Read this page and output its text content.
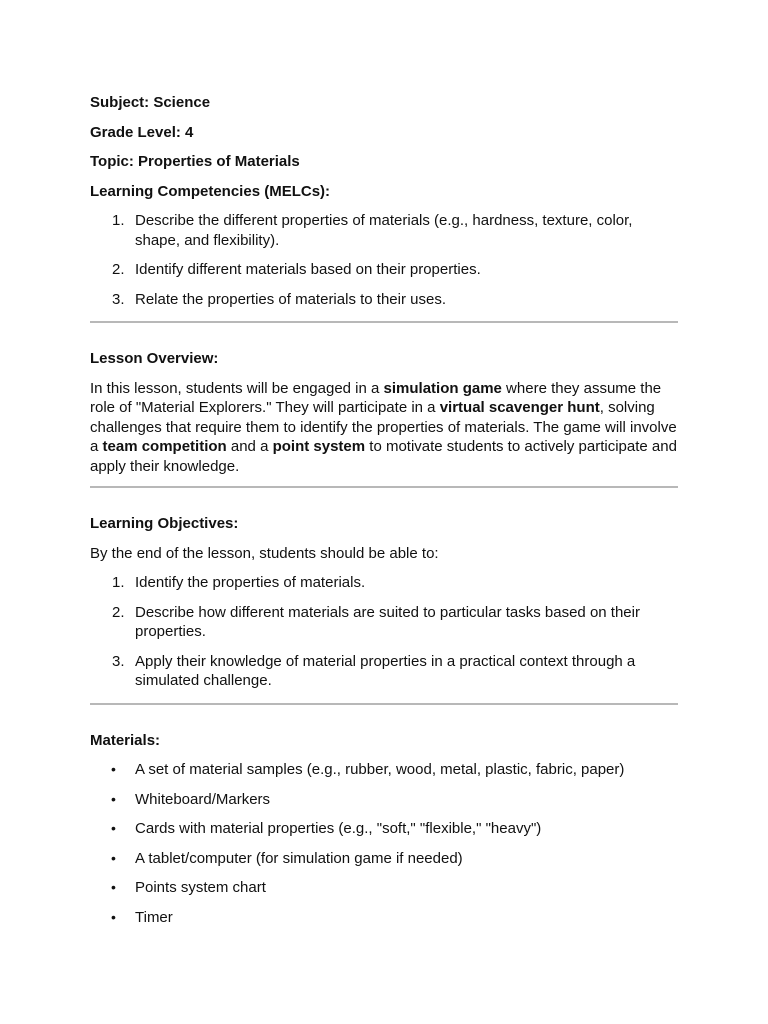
Subject: Science
Grade Level: 4
Topic: Properties of Materials
Learning Competencies (MELCs):
1. Describe the different properties of materials (e.g., hardness, texture, color, shape, and flexibility).
2. Identify different materials based on their properties.
3. Relate the properties of materials to their uses.
Lesson Overview:

In this lesson, students will be engaged in a simulation game where they assume the role of "Material Explorers." They will participate in a virtual scavenger hunt, solving challenges that require them to identify the properties of materials. The game will involve a team competition and a point system to motivate students to actively participate and apply their knowledge.

Learning Objectives:

By the end of the lesson, students should be able to:

1. Identify the properties of materials.
2. Describe how different materials are suited to particular tasks based on their properties.
3. Apply their knowledge of material properties in a practical context through a simulated challenge.
Materials:
• A set of material samples (e.g., rubber, wood, metal, plastic, fabric, paper)
• Whiteboard/Markers
• Cards with material properties (e.g., "soft," "flexible," "heavy")
• A tablet/computer (for simulation game if needed)
• Points system chart
• Timer
